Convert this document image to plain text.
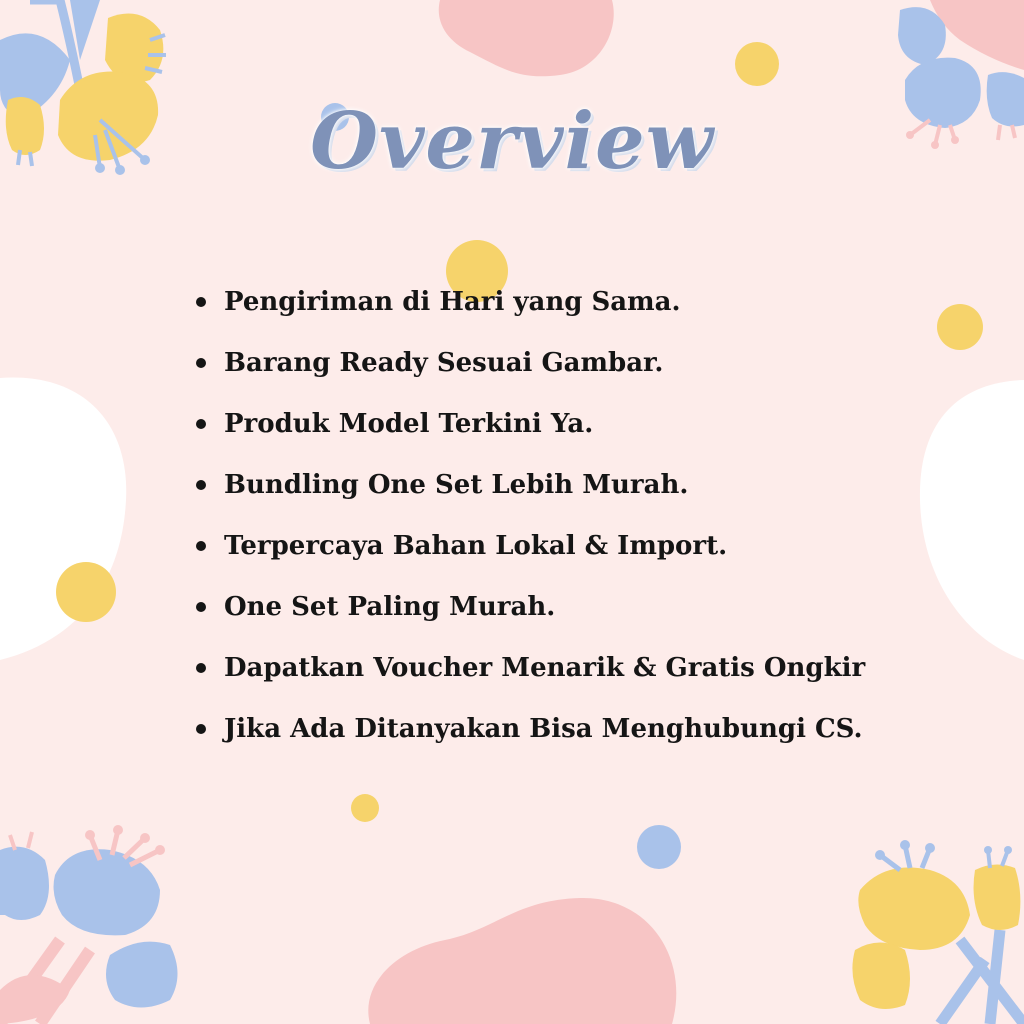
Overview
Pengiriman di Hari yang Sama.
Barang Ready Sesuai Gambar.
Produk Model Terkini Ya.
Bundling One Set Lebih Murah.
Terpercaya Bahan Lokal & Import.
One Set Paling Murah.
Dapatkan Voucher Menarik & Gratis Ongkir
Jika Ada Ditanyakan Bisa Menghubungi CS.
